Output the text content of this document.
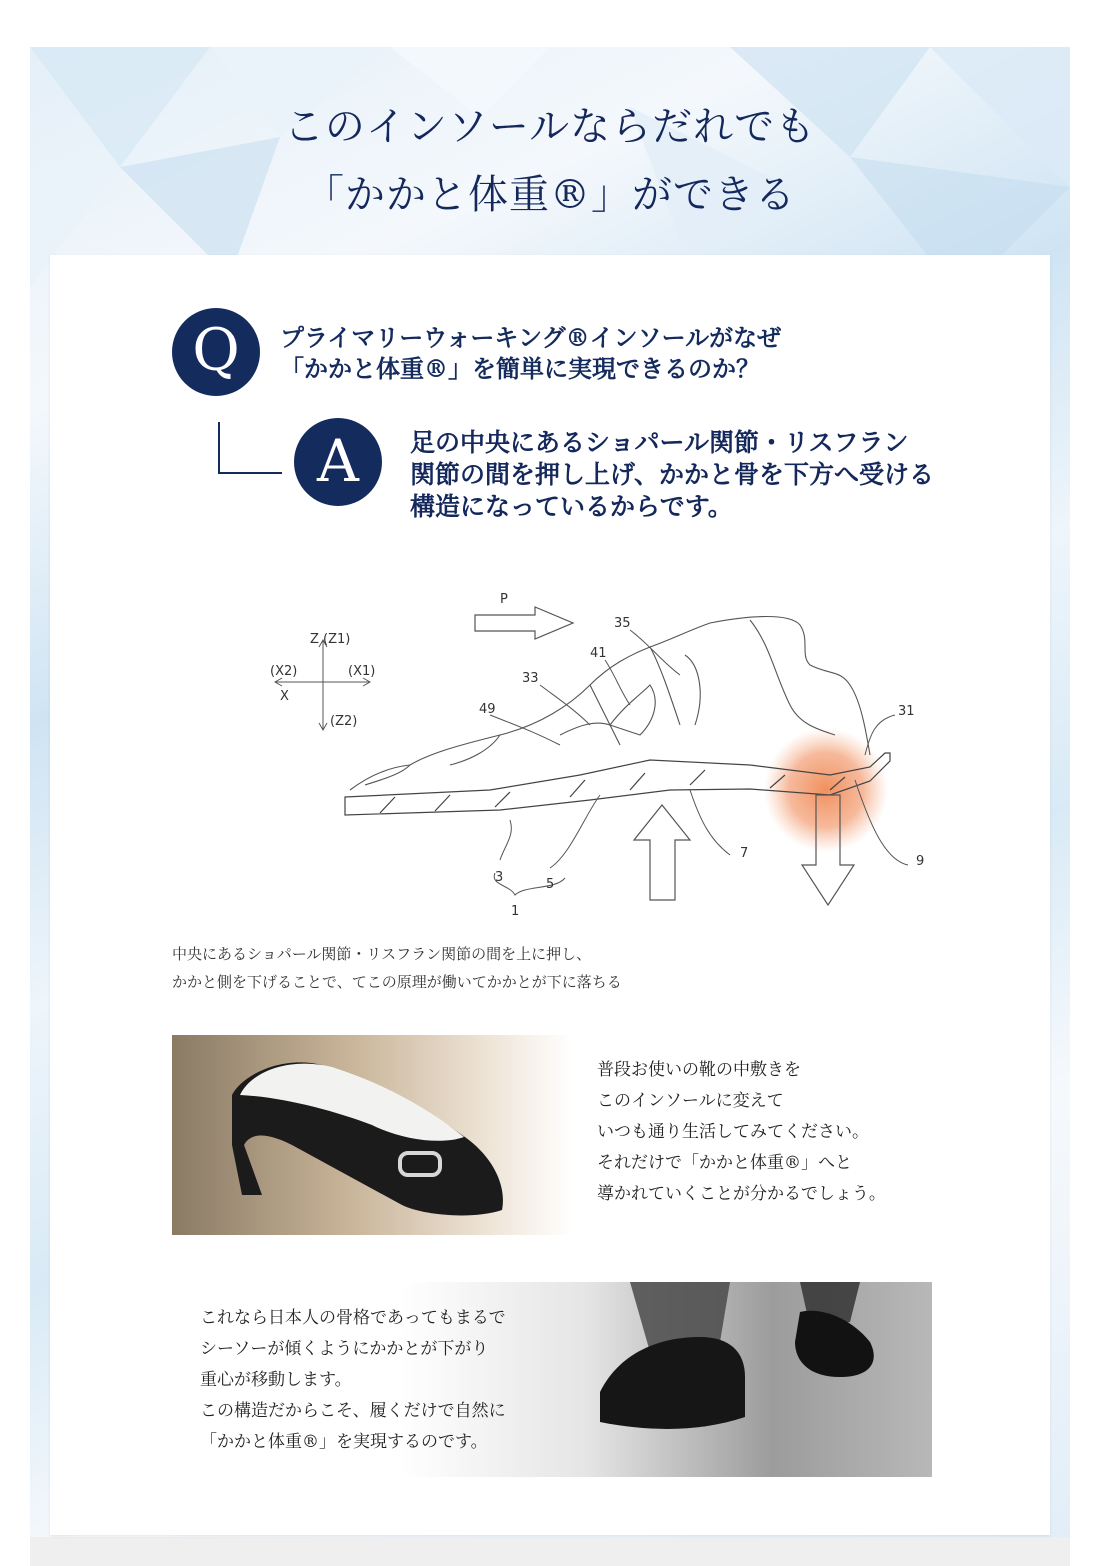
このインソールならだれでも
「かかと体重®」ができる
Q	プライマリーウォーキング®インソールがなぜ
「かかと体重®」を簡単に実現できるのか？

A	足の中央にあるショパール関節・リスフラン
関節の間を押し上げ、かかと骨を下方へ受ける
構造になっているからです。

Z (Z1)
(X2)	(X1)
X
(Z2)
P
35
41
33
49	31
7
9
3	5
1

中央にあるショパール関節・リスフラン関節の間を上に押し、
かかと側を下げることで、てこの原理が働いてかかとが下に落ちる

普段お使いの靴の中敷きを
このインソールに変えて
いつも通り生活してみてください。
それだけで「かかと体重®」へと
導かれていくことが分かるでしょう。

これなら日本人の骨格であってもまるで
シーソーが傾くようにかかとが下がり
重心が移動します。
この構造だからこそ、履くだけで自然に
「かかと体重®」を実現するのです。
